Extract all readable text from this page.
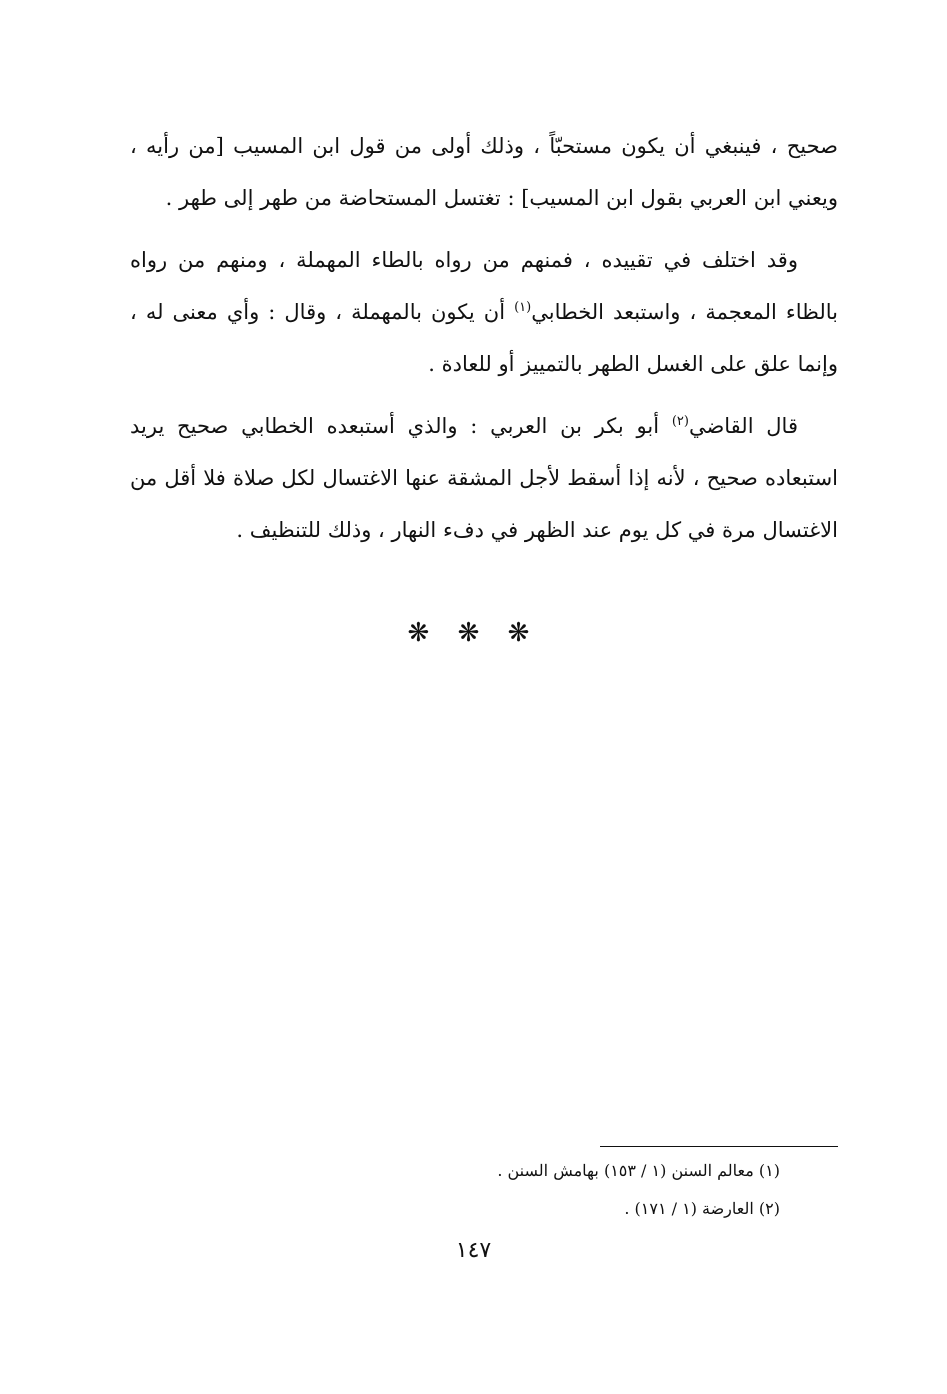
صحيح ، فينبغي أن يكون مستحبّاً ، وذلك أولى من قول ابن المسيب [من رأيه ، ويعني ابن العربي بقول ابن المسيب] : تغتسل المستحاضة من طهر إلى طهر .

وقد اختلف في تقييده ، فمنهم من رواه بالطاء المهملة ، ومنهم من رواه بالظاء المعجمة ، واستبعد الخطابي$^{(١)}$ أن يكون بالمهملة ، وقال : وأي معنى له ، وإنما علق على الغسل الطهر بالتمييز أو للعادة .

قال القاضي$^{(٢)}$ أبو بكر بن العربي : والذي أستبعده الخطابي صحيح يريد استبعاده صحيح ، لأنه إذا أسقط لأجل المشقة عنها الاغتسال لكل صلاة فلا أقل من الاغتسال مرة في كل يوم عند الظهر في دفء النهار ، وذلك للتنظيف .

❋ ❋ ❋

(١) معالم السنن (١ / ١٥٣) بهامش السنن .

(٢) العارضة (١ / ١٧١) .

١٤٧
